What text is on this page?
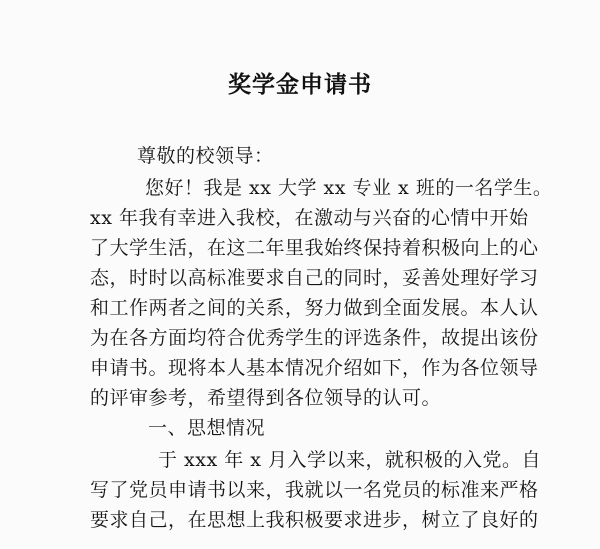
奖学金申请书
尊敬的校领导：
您好！我是 xx 大学 xx 专业 x 班的一名学生。
xx 年我有幸进入我校，在激动与兴奋的心情中开始
了大学生活，在这二年里我始终保持着积极向上的心
态，时时以高标准要求自己的同时，妥善处理好学习
和工作两者之间的关系，努力做到全面发展。本人认
为在各方面均符合优秀学生的评选条件，故提出该份
申请书。现将本人基本情况介绍如下，作为各位领导
的评审参考，希望得到各位领导的认可。
一、思想情况
于 xxx 年 x 月入学以来，就积极的入党。自
写了党员申请书以来，我就以一名党员的标准来严格
要求自己，在思想上我积极要求进步，树立了良好的
